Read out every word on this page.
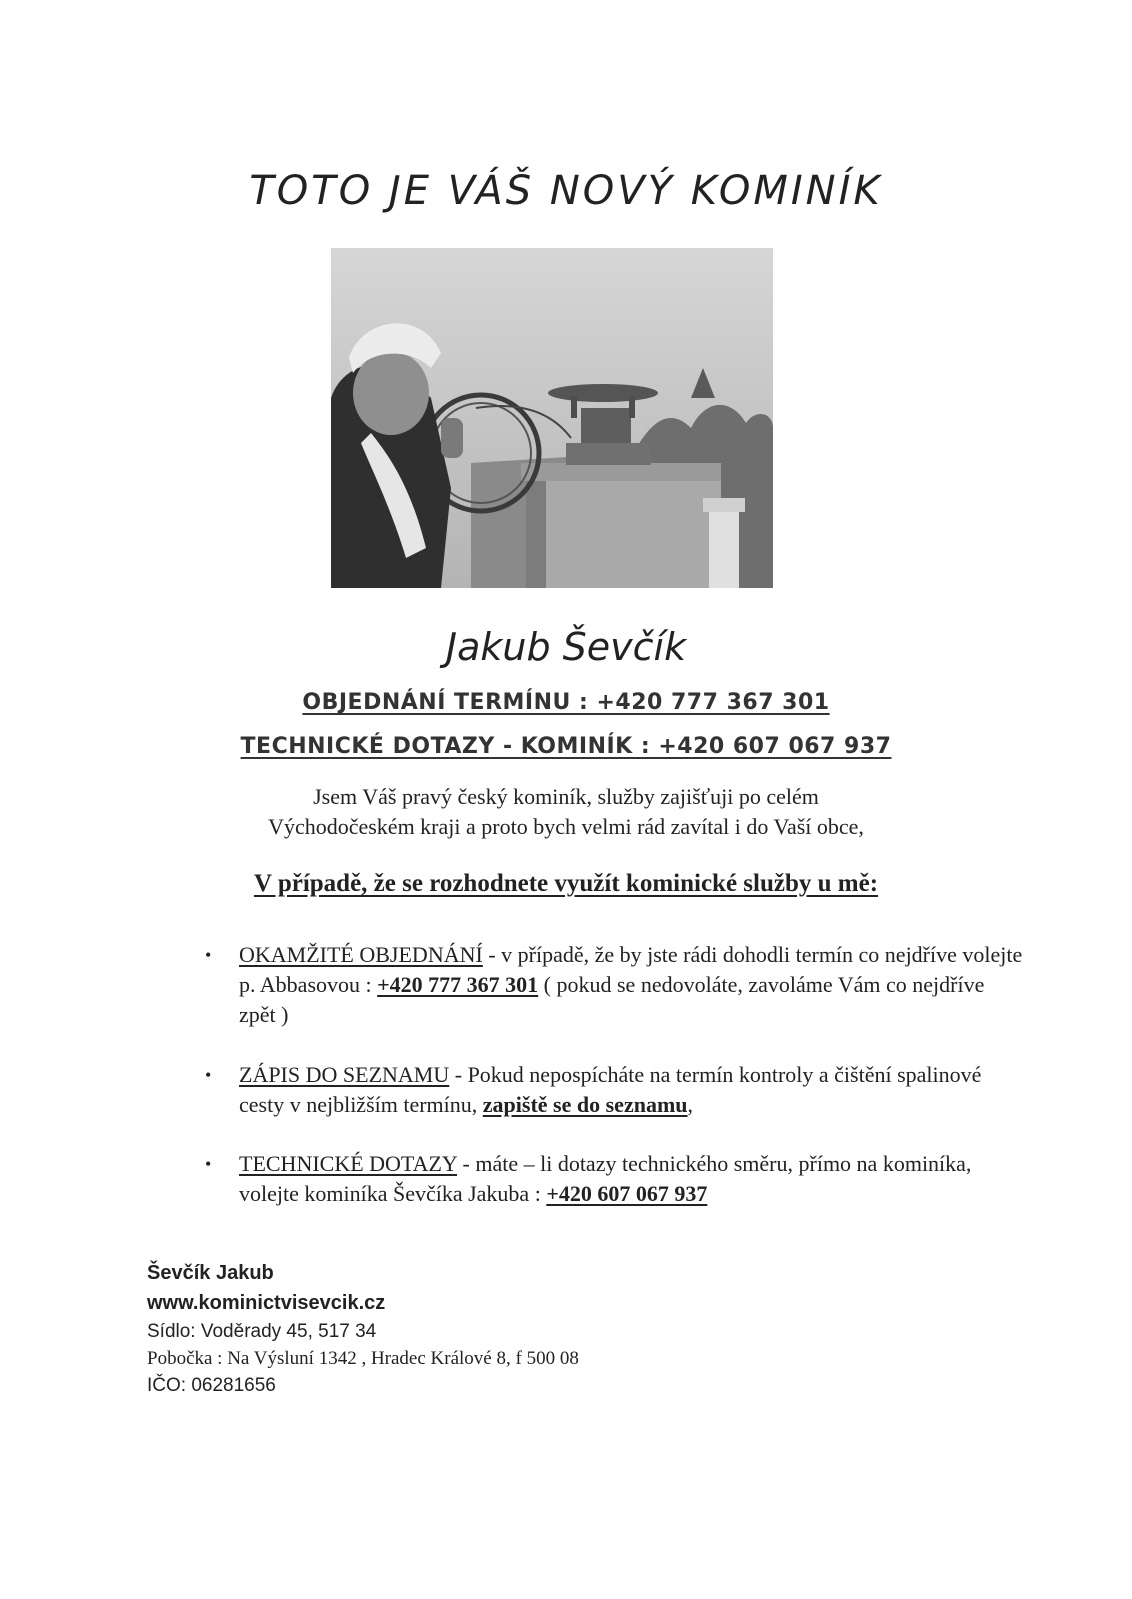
TOTO JE VÁŠ NOVÝ KOMINÍK
Jakub Ševčík
OBJEDNÁNÍ TERMÍNU : +420 777 367 301
TECHNICKÉ DOTAZY - KOMINÍK : +420 607 067 937
Jsem Váš pravý český kominík, služby zajišťuji po celém
Východočeském kraji a proto bych velmi rád zavítal i do Vaší obce,
V případě, že se rozhodnete využít kominické služby u mě:
• OKAMŽITÉ OBJEDNÁNÍ - v případě, že by jste rádi dohodli termín co nejdříve volejte p. Abbasovou : +420 777 367 301 ( pokud se nedovoláte, zavoláme Vám co nejdříve zpět )
• ZÁPIS DO SEZNAMU - Pokud nepospícháte na termín kontroly a čištění spalinové cesty v nejbližším termínu, zapiště se do seznamu,
• TECHNICKÉ DOTAZY - máte – li dotazy technického směru, přímo na kominíka, volejte kominíka Ševčíka Jakuba : +420 607 067 937
Ševčík Jakub
www.kominictvisevcik.cz
Sídlo: Voděrady 45, 517 34
Pobočka : Na Výsluní 1342 , Hradec Králové 8, f 500 08
IČO: 06281656
